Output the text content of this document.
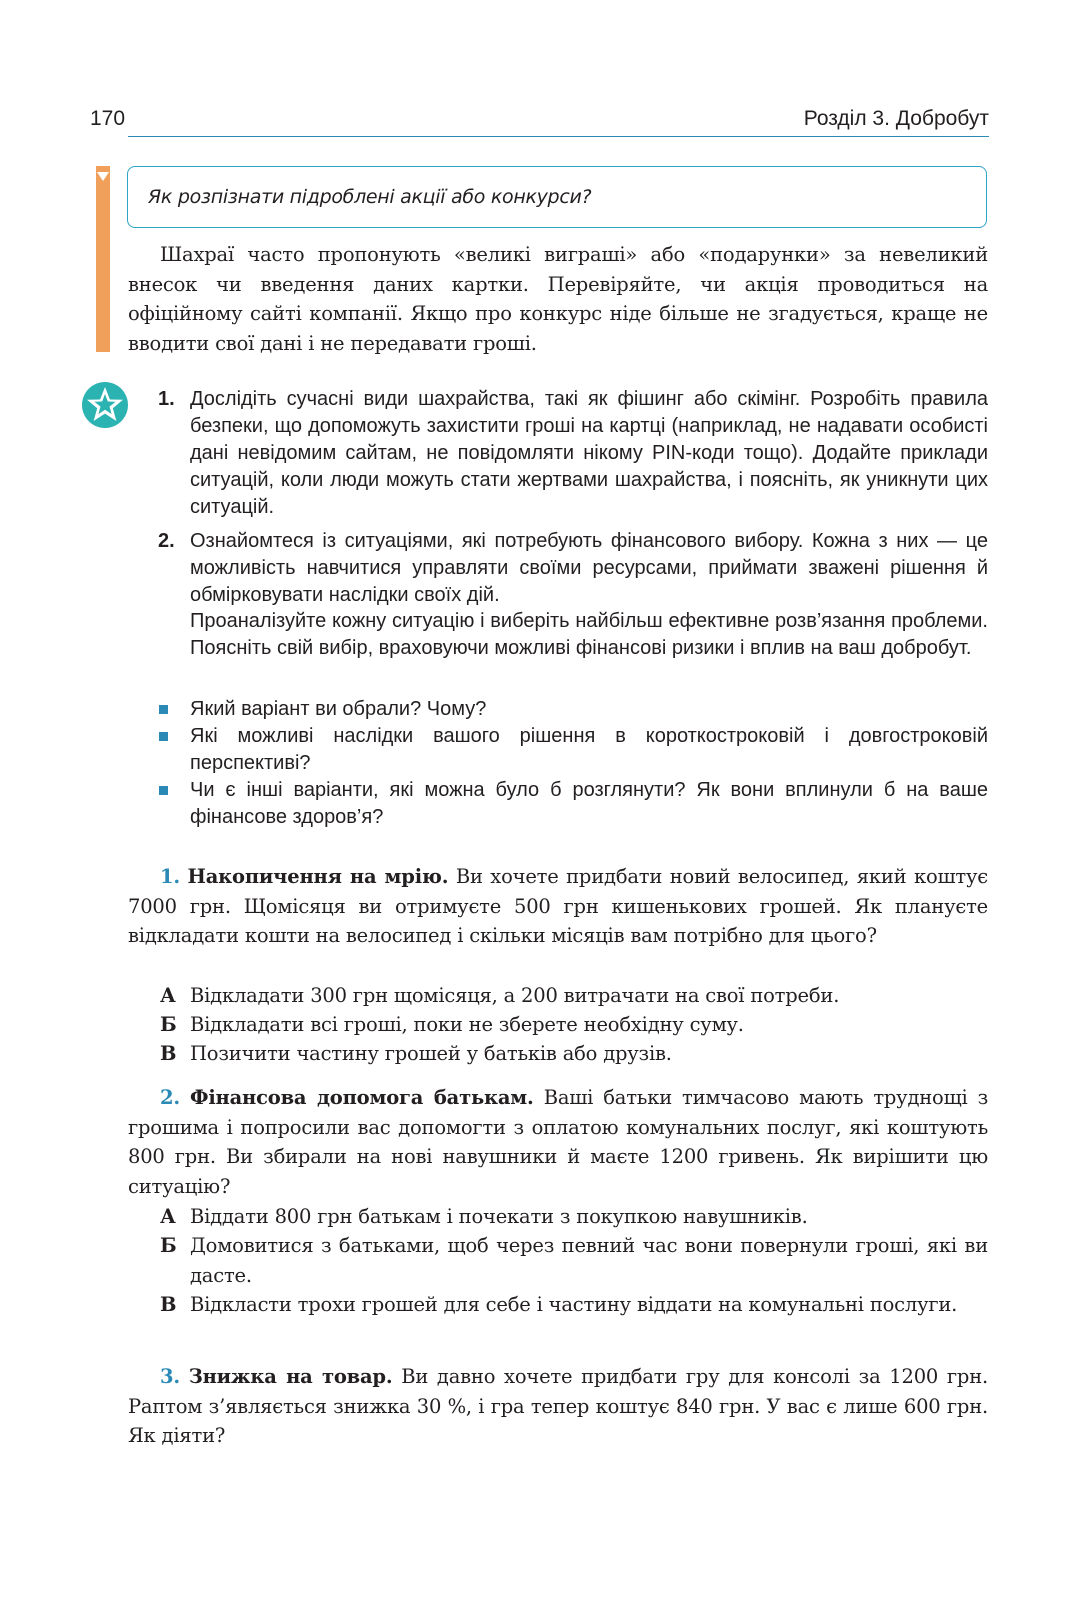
170	Розділ 3. Добробут
Як розпізнати підроблені акції або конкурси?
Шахраї часто пропонують «великі виграші» або «подарунки» за невеликий внесок чи введення даних картки. Перевіряйте, чи акція проводиться на офіційному сайті компанії. Якщо про конкурс ніде більше не згадується, краще не вводити свої дані і не передавати гроші.
1. Дослідіть сучасні види шахрайства, такі як фішинг або скімінг. Розробіть правила безпеки, що допоможуть захистити гроші на картці (наприклад, не надавати особисті дані невідомим сайтам, не повідомляти нікому PIN-коди тощо). Додайте приклади ситуацій, коли люди можуть стати жертвами шахрайства, і поясніть, як уникнути цих ситуацій.
2. Ознайомтеся із ситуаціями, які потребують фінансового вибору. Кожна з них — це можливість навчитися управляти своїми ресурсами, приймати зважені рішення й обмірковувати наслідки своїх дій.
Проаналізуйте кожну ситуацію і виберіть найбільш ефективне розв’язання проблеми. Поясніть свій вибір, враховуючи можливі фінансові ризики і вплив на ваш добробут.
Який варіант ви обрали? Чому?
Які можливі наслідки вашого рішення в короткостроковій і довгостроковій перспективі?
Чи є інші варіанти, які можна було б розглянути? Як вони вплинули б на ваше фінансове здоров’я?
1. Накопичення на мрію. Ви хочете придбати новий велосипед, який коштує 7000 грн. Щомісяця ви отримуєте 500 грн кишенькових грошей. Як плануєте відкладати кошти на велосипед і скільки місяців вам потрібно для цього?
А Відкладати 300 грн щомісяця, а 200 витрачати на свої потреби.
Б Відкладати всі гроші, поки не зберете необхідну суму.
В Позичити частину грошей у батьків або друзів.
2. Фінансова допомога батькам. Ваші батьки тимчасово мають труднощі з грошима і попросили вас допомогти з оплатою комунальних послуг, які коштують 800 грн. Ви збирали на нові навушники й маєте 1200 гривень. Як вирішити цю ситуацію?
А Віддати 800 грн батькам і почекати з покупкою навушників.
Б Домовитися з батьками, щоб через певний час вони повернули гроші, які ви дасте.
В Відкласти трохи грошей для себе і частину віддати на комунальні послуги.
3. Знижка на товар. Ви давно хочете придбати гру для консолі за 1200 грн. Раптом з’являється знижка 30 %, і гра тепер коштує 840 грн. У вас є лише 600 грн. Як діяти?
